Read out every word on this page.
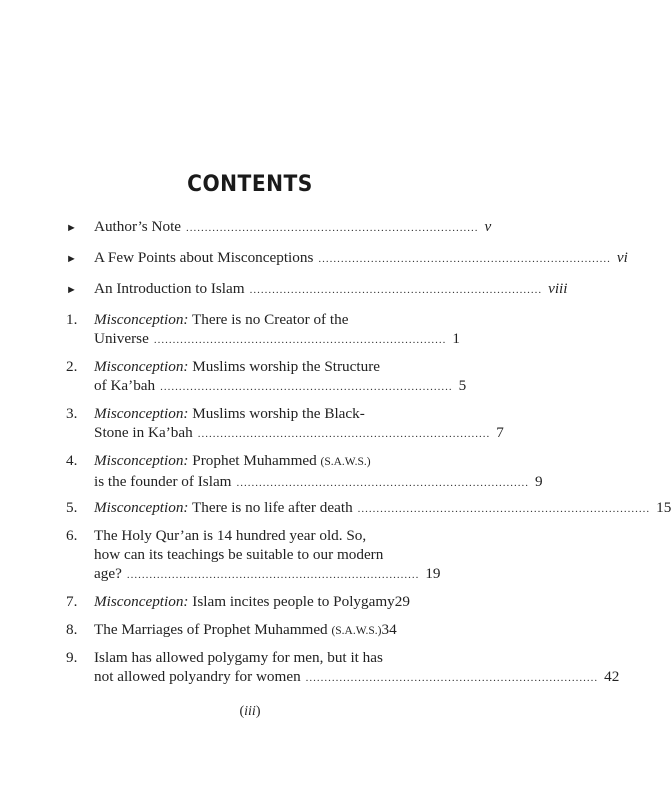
CONTENTS
►	Author’s Note .............................................................................. v
►	A Few Points about Misconceptions .............................................................................. vi
►	An Introduction to Islam .............................................................................. viii
1.	Misconception: There is no Creator of the
Universe .............................................................................. 1
2.	Misconception: Muslims worship the Structure
of Ka’bah .............................................................................. 5
3.	Misconception: Muslims worship the Black-
Stone in Ka’bah .............................................................................. 7
4.	Misconception: Prophet Muhammed (S.A.W.S.)
is the founder of Islam .............................................................................. 9
5.	Misconception: There is no life after death .............................................................................. 15
6.	The Holy Qur’an is 14 hundred year old. So,
how can its teachings be suitable to our modern
age? .............................................................................. 19
7.	Misconception: Islam incites people to Polygamy 29
8.	The Marriages of Prophet Muhammed (S.A.W.S.) 34
9.	Islam has allowed polygamy for men, but it has
not allowed polyandry for women .............................................................................. 42
(iii)
